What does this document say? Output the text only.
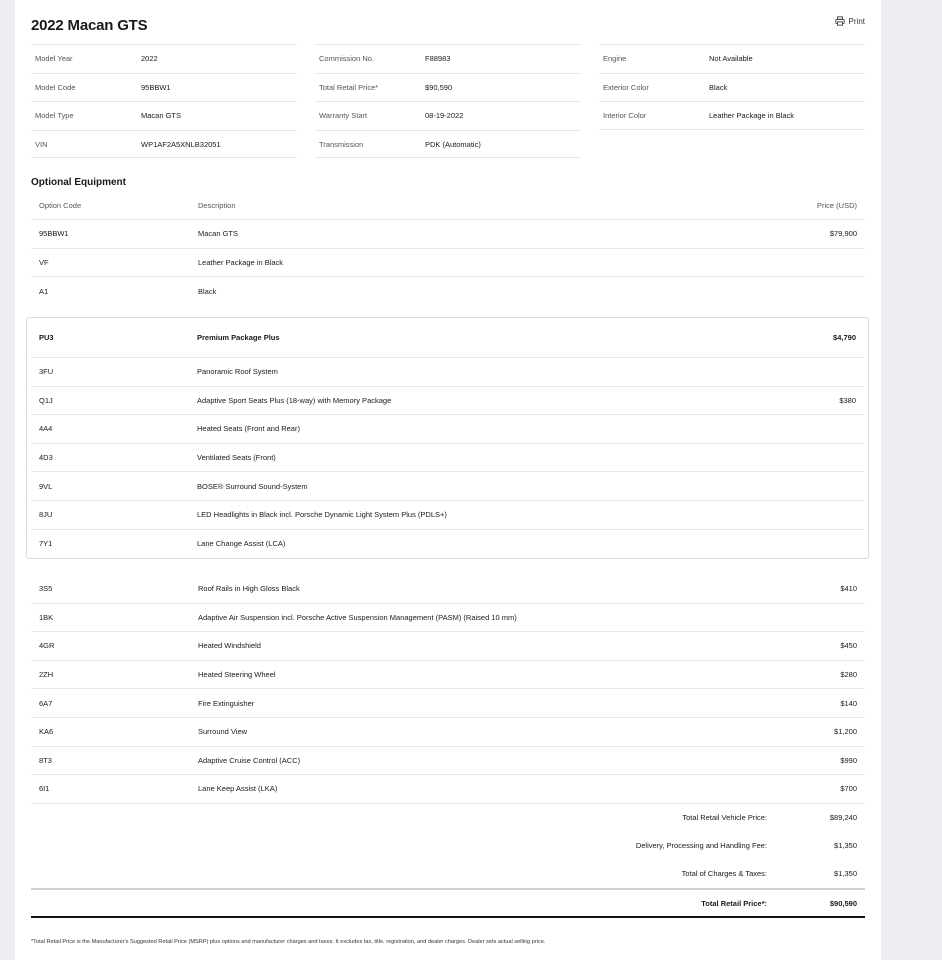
2022 Macan GTS	Print
Model Year	2022
Model Code	95BBW1
Model Type	Macan GTS
VIN	WP1AF2A5XNLB32051
Commission No.	F88983
Total Retail Price*	$90,590
Warranty Start	08-19-2022
Transmission	PDK (Automatic)
Engine	Not Available
Exterior Color	Black
Interior Color	Leather Package in Black
Optional Equipment
Option Code	Description	Price (USD)
95BBW1	Macan GTS	$79,900
VF	Leather Package in Black
A1	Black
PU3	Premium Package Plus	$4,790
3FU	Panoramic Roof System
Q1J	Adaptive Sport Seats Plus (18-way) with Memory Package	$380
4A4	Heated Seats (Front and Rear)
4D3	Ventilated Seats (Front)
9VL	BOSE® Surround Sound-System
8JU	LED Headlights in Black incl. Porsche Dynamic Light System Plus (PDLS+)
7Y1	Lane Change Assist (LCA)
3S5	Roof Rails in High Gloss Black	$410
1BK	Adaptive Air Suspension incl. Porsche Active Suspension Management (PASM) (Raised 10 mm)
4GR	Heated Windshield	$450
2ZH	Heated Steering Wheel	$280
6A7	Fire Extinguisher	$140
KA6	Surround View	$1,200
8T3	Adaptive Cruise Control (ACC)	$990
6I1	Lane Keep Assist (LKA)	$700
Total Retail Vehicle Price:	$89,240
Delivery, Processing and Handling Fee:	$1,350
Total of Charges & Taxes:	$1,350
Total Retail Price*:	$90,590
*Total Retail Price is the Manufacturer's Suggested Retail Price (MSRP) plus options and manufacturer charges and taxes. It excludes tax, title, registration, and dealer charges. Dealer sets actual selling price.
